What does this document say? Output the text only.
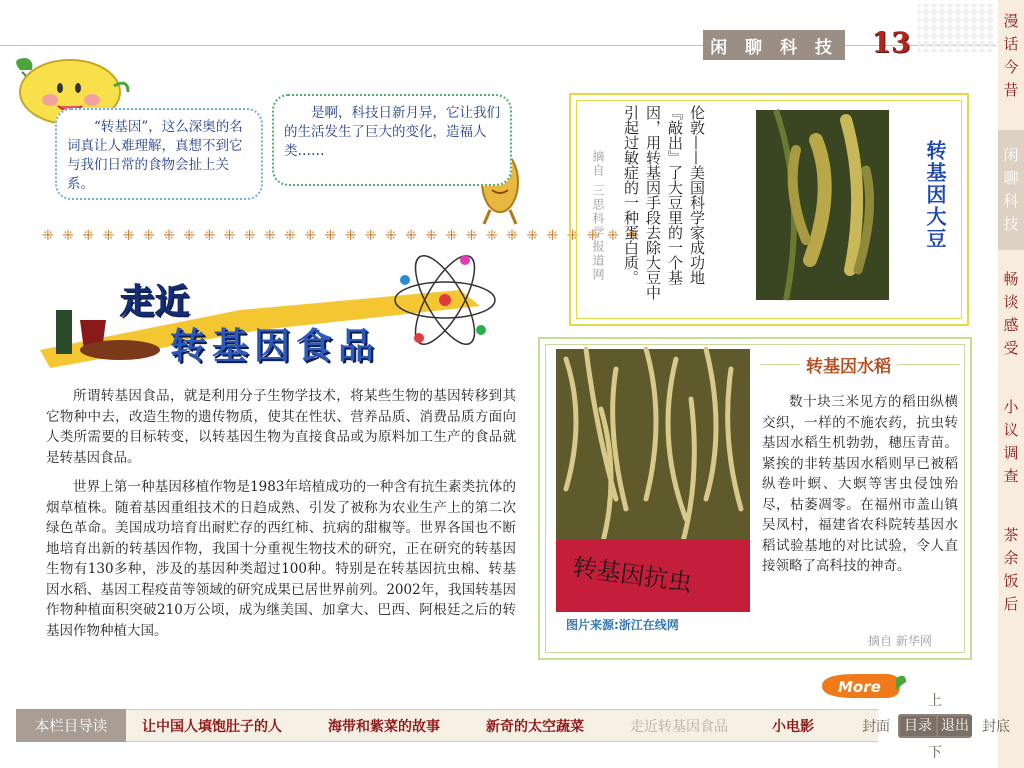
闲 聊 科 技 13
漫
话
今
昔
闲
聊
科
技
畅
谈
感
受
小
议
调
查
茶
余
饭
后
“转基因”，这么深奥的名词真让人难理解，真想不到它与我们日常的食物会扯上关系。
是啊，科技日新月异，它让我们的生活发生了巨大的变化，造福人类……
⁜ ⁜ ⁜ ⁜ ⁜ ⁜ ⁜ ⁜ ⁜ ⁜ ⁜ ⁜ ⁜ ⁜ ⁜ ⁜ ⁜ ⁜ ⁜ ⁜ ⁜ ⁜ ⁜ ⁜ ⁜ ⁜ ⁜ ⁜ ⁜ ⁜
走近
转基因食品

所谓转基因食品，就是利用分子生物学技术，将某些生物的基因转移到其它物种中去，改造生物的遗传物质，使其在性状、营养品质、消费品质方面向人类所需要的目标转变，以转基因生物为直接食品或为原料加工生产的食品就是转基因食品。

世界上第一种基因移植作物是1983年培植成功的一种含有抗生素类抗体的烟草植株。随着基因重组技术的日趋成熟、引发了被称为农业生产上的第二次绿色革命。美国成功培育出耐贮存的西红柿、抗病的甜椒等。世界各国也不断地培育出新的转基因作物，我国十分重视生物技术的研究，正在研究的转基因生物有130多种，涉及的基因种类超过100种。特别是在转基因抗虫棉、转基因水稻、基因工程疫苗等领域的研究成果已居世界前列。2002年，我国转基因作物种植面积突破210万公顷，成为继美国、加拿大、巴西、阿根廷之后的转基因作物种植大国。

伦敦——美国科学家成功地『敲出』了大豆里的一个基因，用转基因手段去除大豆中引起过敏症的一种蛋白质。
摘自 三思科学报道网	转基因大豆
转基因抗虫
图片来源:浙江在线网
转基因水稻

数十块三米见方的稻田纵横交织，一样的不施农药，抗虫转基因水稻生机勃勃，穗压青苗。紧挨的非转基因水稻则早已被稻纵卷叶螟、大螟等害虫侵蚀殆尽，枯萎凋零。在福州市盖山镇吴凤村，福建省农科院转基因水稻试验基地的对比试验，令人直接领略了高科技的神奇。

摘自 新华网
More
本栏目导读	让中国人填饱肚子的人	海带和紫菜的故事	新奇的太空蔬菜	走近转基因食品	小电影
上
下
封面 目录 退出 封底
